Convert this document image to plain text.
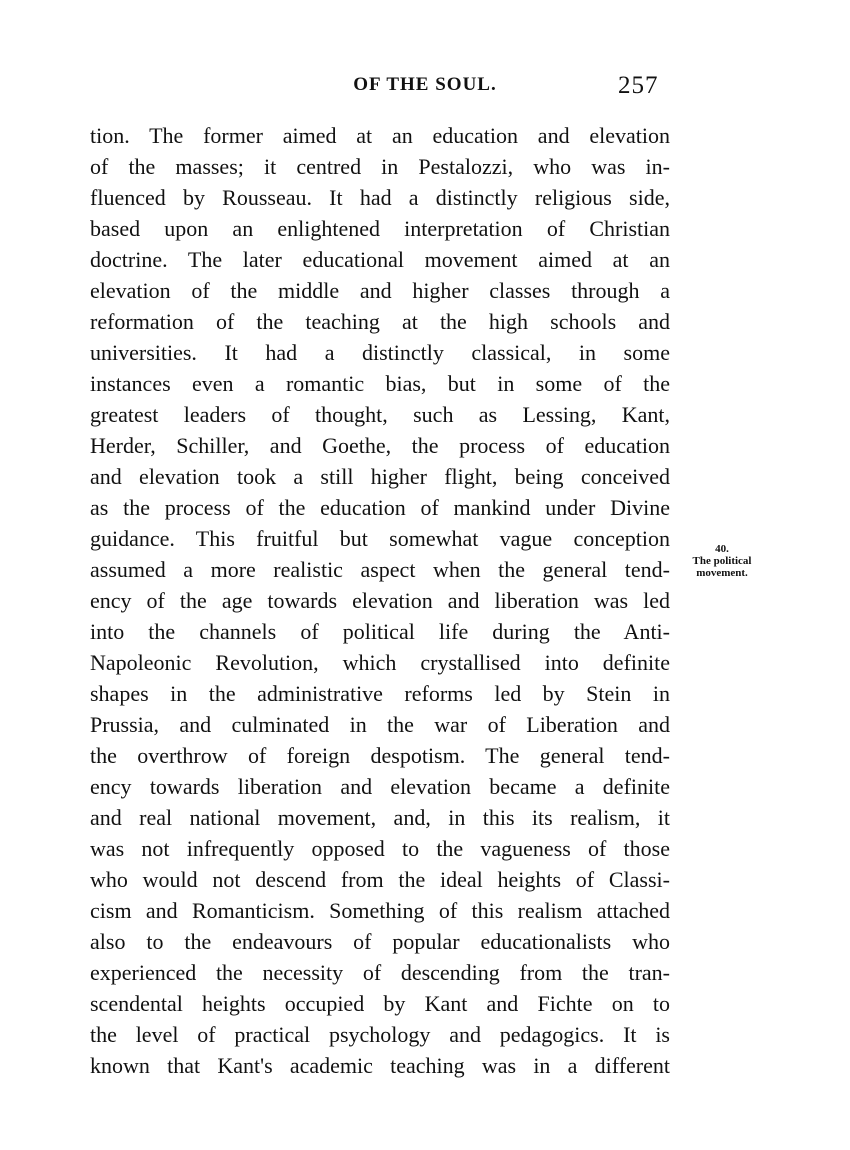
OF THE SOUL.	257
tion. The former aimed at an education and elevation
of the masses; it centred in Pestalozzi, who was in-
fluenced by Rousseau. It had a distinctly religious side,
based upon an enlightened interpretation of Christian
doctrine. The later educational movement aimed at an
elevation of the middle and higher classes through a
reformation of the teaching at the high schools and
universities. It had a distinctly classical, in some
instances even a romantic bias, but in some of the
greatest leaders of thought, such as Lessing, Kant,
Herder, Schiller, and Goethe, the process of education
and elevation took a still higher flight, being conceived
as the process of the education of mankind under Divine
guidance. This fruitful but somewhat vague conception
assumed a more realistic aspect when the general tend-
ency of the age towards elevation and liberation was led
into the channels of political life during the Anti-
Napoleonic Revolution, which crystallised into definite
shapes in the administrative reforms led by Stein in
Prussia, and culminated in the war of Liberation and
the overthrow of foreign despotism. The general tend-
ency towards liberation and elevation became a definite
and real national movement, and, in this its realism, it
was not infrequently opposed to the vagueness of those
who would not descend from the ideal heights of Classi-
cism and Romanticism. Something of this realism attached
also to the endeavours of popular educationalists who
experienced the necessity of descending from the tran-
scendental heights occupied by Kant and Fichte on to
the level of practical psychology and pedagogics. It is
known that Kant's academic teaching was in a different
40.
The political
movement.
